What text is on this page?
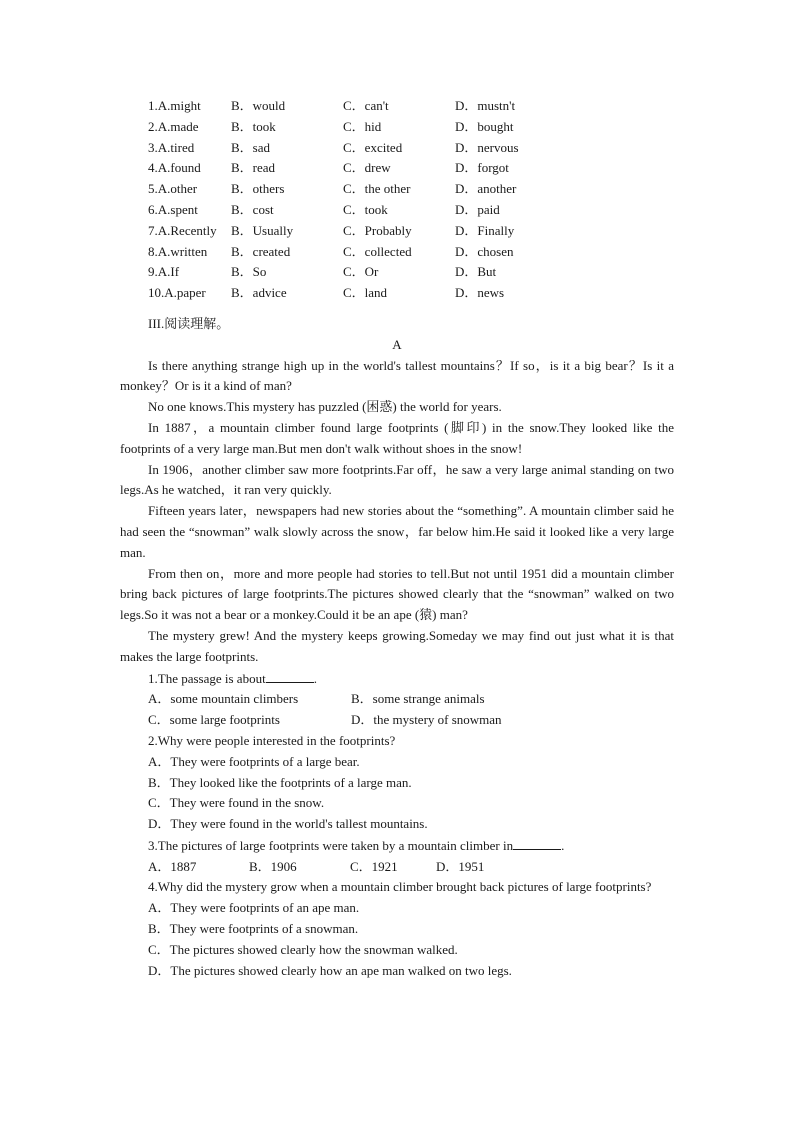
1.A.might	B．would	C．can't	D．mustn't
2.A.made	B．took	C．hid	D．bought
3.A.tired	B．sad	C．excited	D．nervous
4.A.found	B．read	C．drew	D．forgot
5.A.other	B．others	C．the other	D．another
6.A.spent	B．cost	C．took	D．paid
7.A.Recently	B．Usually	C．Probably	D．Finally
8.A.written	B．created	C．collected	D．chosen
9.A.If	B．So	C．Or	D．But
10.A.paper	B．advice	C．land	D．news
III.阅读理解。
A

Is there anything strange high up in the world's tallest mountains？If so，is it a big bear？Is it a monkey？Or is it a kind of man?

No one knows.This mystery has puzzled (困惑) the world for years.

In 1887，a mountain climber found large footprints (脚印) in the snow.They looked like the footprints of a very large man.But men don't walk without shoes in the snow!

In 1906，another climber saw more footprints.Far off，he saw a very large animal standing on two legs.As he watched，it ran very quickly.

Fifteen years later，newspapers had new stories about the “something”. A mountain climber said he had seen the “snowman” walk slowly across the snow，far below him.He said it looked like a very large man.

From then on，more and more people had stories to tell.But not until 1951 did a mountain climber bring back pictures of large footprints.The pictures showed clearly that the “snowman” walked on two legs.So it was not a bear or a monkey.Could it be an ape (猿) man?

The mystery grew! And the mystery keeps growing.Someday we may find out just what it is that makes the large footprints.

1.The passage is about	.
A．some mountain climbers	B．some strange animals
C．some large footprints	D．the mystery of snowman
2.Why were people interested in the footprints?
A．They were footprints of a large bear.
B．They looked like the footprints of a large man.
C．They were found in the snow.
D．They were found in the world's tallest mountains.
3.The pictures of large footprints were taken by a mountain climber in	.
A．1887	B．1906	C．1921	D．1951

4.Why did the mystery grow when a mountain climber brought back pictures of large footprints?

A．They were footprints of an ape man.
B．They were footprints of a snowman.
C．The pictures showed clearly how the snowman walked.
D．The pictures showed clearly how an ape man walked on two legs.
